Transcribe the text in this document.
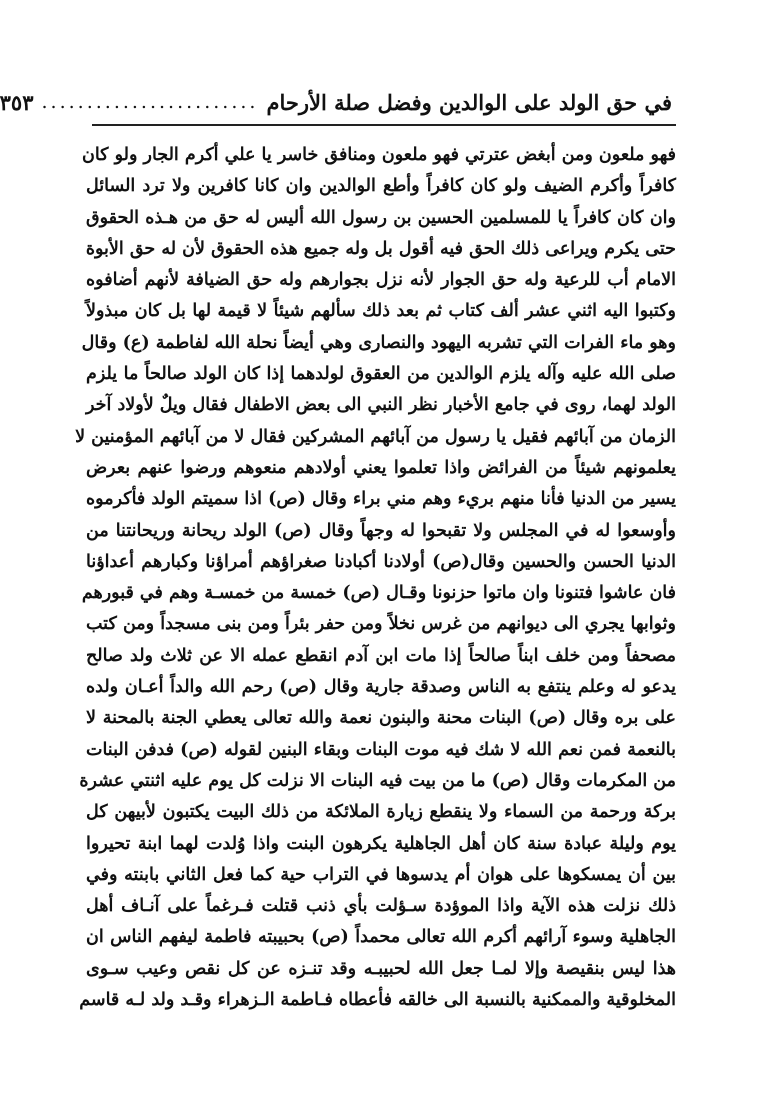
في حق الولد على الوالدين وفضل صلة الأرحام
........................
٣٥٣
فهو ملعون ومن أبغض عترتي فهو ملعون ومنافق خاسر يا علي أكرم الجار ولو كان
كافراً وأكرم الضيف ولو كان كافراً وأطع الوالدين وان كانا كافرين ولا ترد السائل
وان كان كافراً يا للمسلمين الحسين بن رسول الله أليس له حق من هـذه الحقوق
حتى يكرم ويراعى ذلك الحق فيه أقول بل وله جميع هذه الحقوق لأن له حق الأبوة
الامام أب للرعية وله حق الجوار لأنه نزل بجوارهم وله حق الضيافة لأنهم أضافوه
وكتبوا اليه اثني عشر ألف كتاب ثم بعد ذلك سألهم شيئاً لا قيمة لها بل كان مبذولاً
وهو ماء الفرات التي تشربه اليهود والنصارى وهي أيضاً نحلة الله لفاطمة (ع) وقال
صلى الله عليه وآله يلزم الوالدين من العقوق لولدهما إذا كان الولد صالحاً ما يلزم
الولد لهما، روى في جامع الأخبار نظر النبي الى بعض الاطفال فقال ويلٌ لأولاد آخر
الزمان من آبائهم فقيل يا رسول من آبائهم المشركين فقال لا من آبائهم المؤمنين لا
يعلمونهم شيئاً من الفرائض واذا تعلموا يعني أولادهم منعوهم ورضوا عنهم بعرض
يسير من الدنيا فأنا منهم بريء وهم مني براء وقال (ص) اذا سميتم الولد فأكرموه
وأوسعوا له في المجلس ولا تقبحوا له وجهاً وقال (ص) الولد ريحانة وريحانتنا من
الدنيا الحسن والحسين وقال(ص) أولادنا أكبادنا صغراؤهم أمراؤنا وكبارهم أعداؤنا
فان عاشوا فتنونا وان ماتوا حزنونا وقـال (ص) خمسة من خمسـة وهم في قبورهم
وثوابها يجري الى ديوانهم من غرس نخلاً ومن حفر بئراً ومن بنى مسجداً ومن كتب
مصحفاً ومن خلف ابناً صالحاً إذا مات ابن آدم انقطع عمله الا عن ثلاث ولد صالح
يدعو له وعلم ينتفع به الناس وصدقة جارية وقال (ص) رحم الله والداً أعـان ولده
على بره وقال (ص) البنات محنة والبنون نعمة والله تعالى يعطي الجنة بالمحنة لا
بالنعمة فمن نعم الله لا شك فيه موت البنات وبقاء البنين لقوله (ص) فدفن البنات
من المكرمات وقال (ص) ما من بيت فيه البنات الا نزلت كل يوم عليه اثنتي عشرة
بركة ورحمة من السماء ولا ينقطع زيارة الملائكة من ذلك البيت يكتبون لأبيهن كل
يوم وليلة عبادة سنة كان أهل الجاهلية يكرهون البنت واذا وُلدت لهما ابنة تحيروا
بين أن يمسكوها على هوان أم يدسوها في التراب حية كما فعل الثاني بابنته وفي
ذلك نزلت هذه الآية واذا الموؤدة سـؤلت بأي ذنب قتلت فـرغماً على آنـاف أهل
الجاهلية وسوء آرائهم أكرم الله تعالى محمداً (ص) بحبيبته فاطمة ليفهم الناس ان
هذا ليس بنقيصة وإلا لمـا جعل الله لحبيبـه وقد تنـزه عن كل نقص وعيب سـوى
المخلوقية والممكنية بالنسبة الى خالقه فأعطاه فـاطمة الـزهراء وقـد ولد لـه قاسم
